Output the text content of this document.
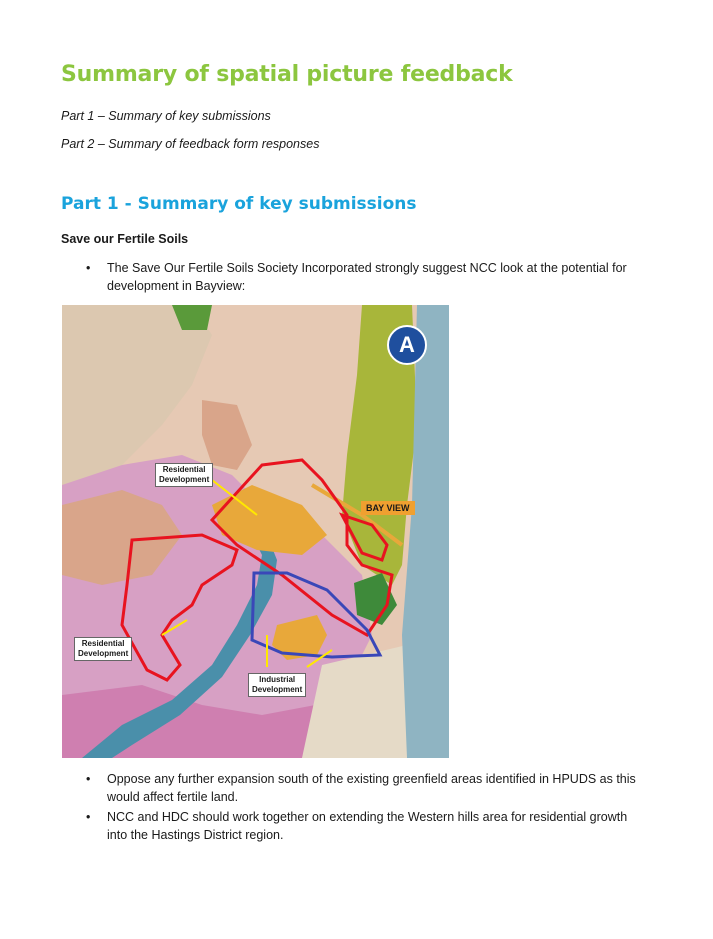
Summary of spatial picture feedback

Part 1 – Summary of key submissions

Part 2 – Summary of feedback form responses

Part 1 - Summary of key submissions
Save our Fertile Soils
• The Save Our Fertile Soils Society Incorporated strongly suggest NCC look at the potential for development in Bayview:
A
BAY VIEW
Residential
Development
Residential
Development
Industrial
Development
• Oppose any further expansion south of the existing greenfield areas identified in HPUDS as this would affect fertile land.
• NCC and HDC should work together on extending the Western hills area for residential growth into the Hastings District region.
